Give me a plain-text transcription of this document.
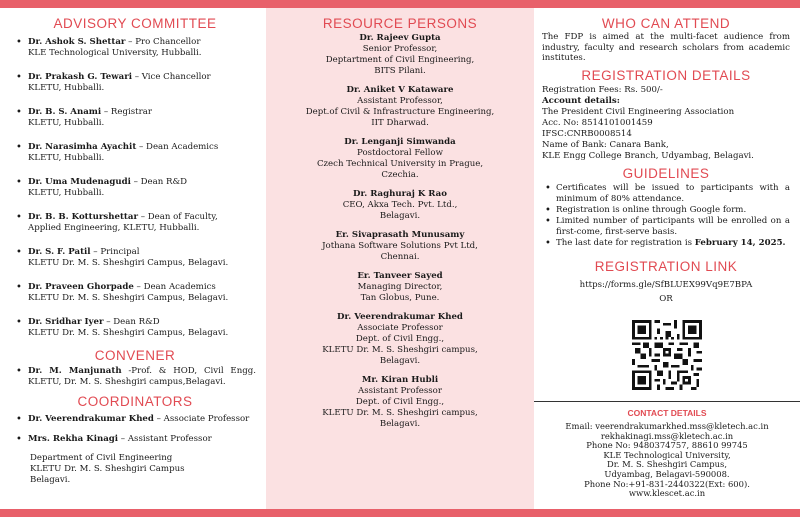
ADVISORY COMMITTEE
• Dr. Ashok S. Shettar – Pro Chancellor
KLE Technological University, Hubballi.
• Dr. Prakash G. Tewari – Vice Chancellor
KLETU, Hubballi.
• Dr. B. S. Anami – Registrar
KLETU, Hubballi.
• Dr. Narasimha Ayachit – Dean Academics
KLETU, Hubballi.
• Dr. Uma Mudenagudi – Dean R&D
KLETU, Hubballi.
• Dr. B. B. Kotturshettar – Dean of Faculty,
Applied Engineering, KLETU, Hubballi.
• Dr. S. F. Patil – Principal
KLETU Dr. M. S. Sheshgiri Campus, Belagavi.
• Dr. Praveen Ghorpade – Dean Academics
KLETU Dr. M. S. Sheshgiri Campus, Belagavi.
• Dr. Sridhar Iyer – Dean R&D
KLETU Dr. M. S. Sheshgiri Campus, Belagavi.
CONVENER
• Dr. M. Manjunath -Prof. & HOD, Civil Engg. KLETU, Dr. M. S. Sheshgiri campus,Belagavi.
COORDINATORS
• Dr. Veerendrakumar Khed – Associate Professor
• Mrs. Rekha Kinagi – Assistant Professor
Department of Civil Engineering
KLETU Dr. M. S. Sheshgiri Campus
Belagavi.
RESOURCE PERSONS
Dr. Rajeev Gupta
Senior Professor,
Deptartment of Civil Engineering,
BITS Pilani.
Dr. Aniket V Kataware
Assistant Professor,
Dept.of Civil & Infrastructure Engineering,
IIT Dharwad.
Dr. Lenganji Simwanda
Postdoctoral Fellow
Czech Technical University in Prague,
Czechia.
Dr. Raghuraj K Rao
CEO, Akxa Tech. Pvt. Ltd.,
Belagavi.
Er. Sivaprasath Munusamy
Jothana Software Solutions Pvt Ltd,
Chennai.
Er. Tanveer Sayed
Managing Director,
Tan Globus, Pune.
Dr. Veerendrakumar Khed
Associate Professor
Dept. of Civil Engg.,
KLETU Dr. M. S. Sheshgiri campus,
Belagavi.
Mr. Kiran Hubli
Assistant Professor
Dept. of Civil Engg.,
KLETU Dr. M. S. Sheshgiri campus,
Belagavi.
WHO CAN ATTEND
The FDP is aimed at the multi-facet audience from industry, faculty and research scholars from academic institutes.
REGISTRATION DETAILS
Registration Fees: Rs. 500/-
Account details:
The President Civil Engineering Association
Acc. No: 8514101001459
IFSC:CNRB0008514
Name of Bank: Canara Bank,
KLE Engg College Branch, Udyambag, Belagavi.
GUIDELINES
• Certificates will be issued to participants with a minimum of 80% attendance.
• Registration is online through Google form.
• Limited number of participants will be enrolled on a first-come, first-serve basis.
• The last date for registration is February 14, 2025.
REGISTRATION LINK
https://forms.gle/SfBLUEX99Vq9E7BPA
OR
CONTACT DETAILS
Email: veerendrakumarkhed.mss@kletech.ac.in
rekhakinagi.mss@kletech.ac.in
Phone No: 9480374757, 88610 99745
KLE Technological University,
Dr. M. S. Sheshgiri Campus,
Udyambag, Belagavi-590008.
Phone No:+91-831-2440322(Ext: 600).
www.klescet.ac.in
